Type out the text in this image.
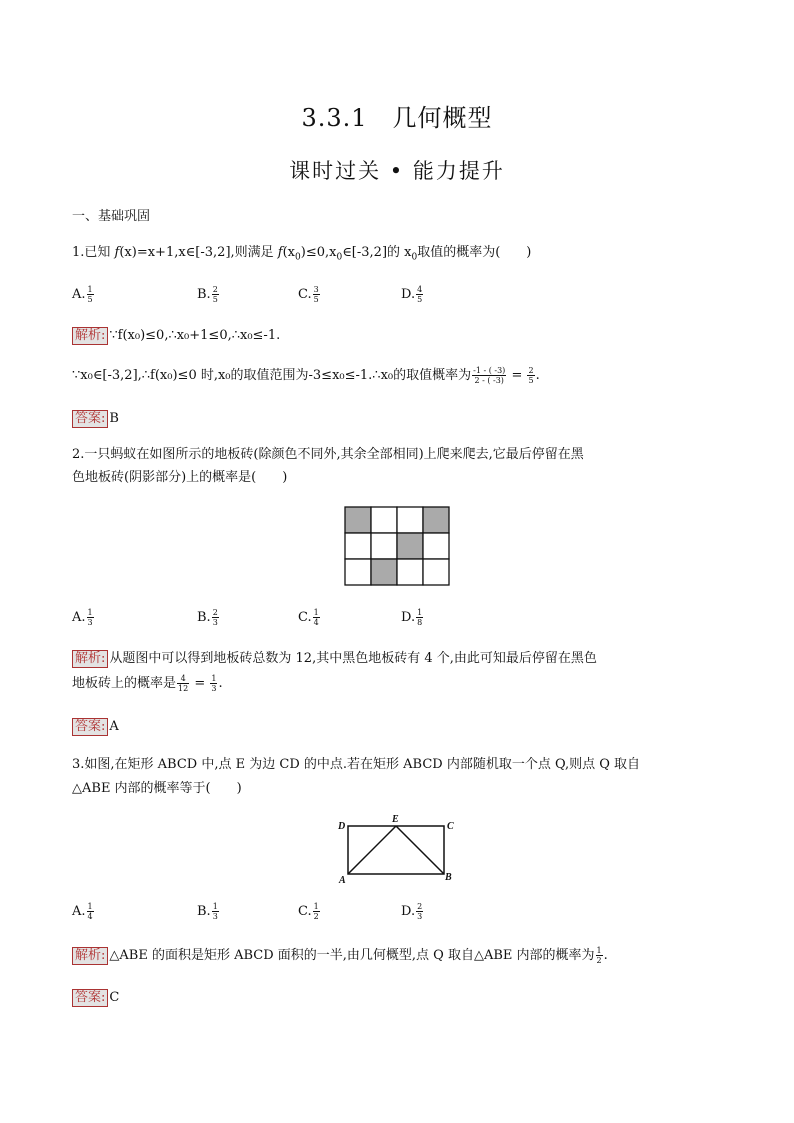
3.3.1　几何概型
课时过关 • 能力提升
一、基础巩固
1.已知 f(x)=x+1,x∈[-3,2],则满足 $f(x_0)\le 0,x_0\in[-3,2]$的 $x_0$取值的概率为(　　)
A. $\frac{1}{5}$	B. $\frac{2}{5}$	C. $\frac{3}{5}$	D. $\frac{4}{5}$
解析: ∵f(x₀)≤0,∴x₀+1≤0,∴x₀≤-1.
∵x₀∈[-3,2],∴f(x₀)≤0 时,x₀的取值范围为-3≤x₀≤-1.∴x₀的取值概率为 $\frac{-1 - ( -3)}{2 - ( -3)} = \frac{2}{5}$ .
答案: B
2.一只蚂蚁在如图所示的地板砖(除颜色不同外,其余全部相同)上爬来爬去,它最后停留在黑
色地板砖(阴影部分)上的概率是(　　)
A. $\frac{1}{3}$	B. $\frac{2}{3}$	C. $\frac{1}{4}$	D. $\frac{1}{8}$
解析: 从题图中可以得到地板砖总数为 12,其中黑色地板砖有 4 个,由此可知最后停留在黑色
地板砖上的概率是 $\frac{4}{12} = \frac{1}{3}$ .
答案: A
3.如图,在矩形 ABCD 中,点 E 为边 CD 的中点.若在矩形 ABCD 内部随机取一个点 Q,则点 Q 取自
△ABE 内部的概率等于(　　)
D
E
C
A	B
A. $\frac{1}{4}$	B. $\frac{1}{3}$	C. $\frac{1}{2}$	D. $\frac{2}{3}$
解析: △ABE 的面积是矩形 ABCD 面积的一半,由几何概型,点 Q 取自△ABE 内部的概率为 $\frac{1}{2}$ .
答案: C
